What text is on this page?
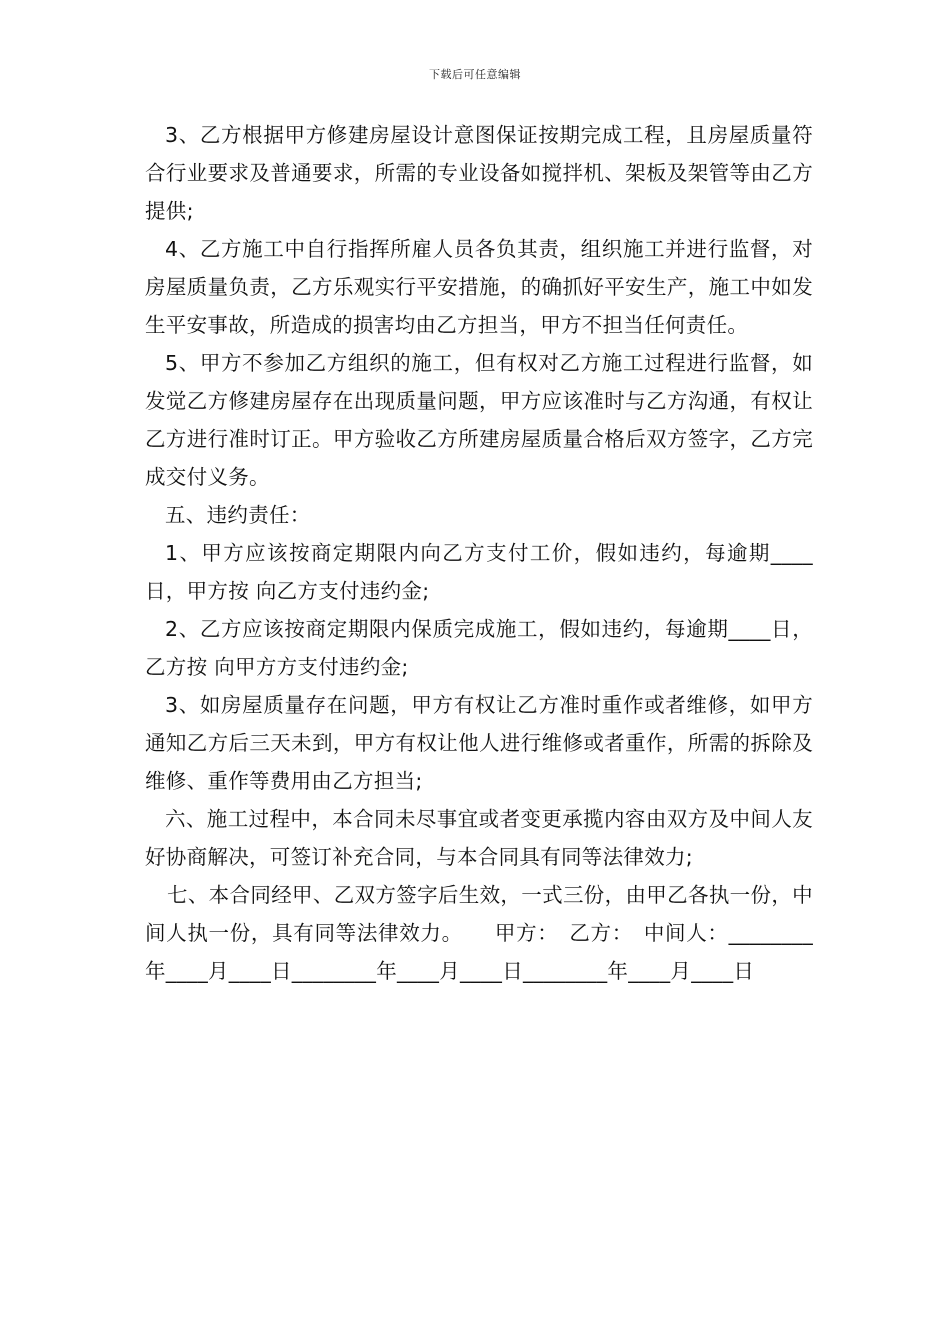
下载后可任意编辑

3、乙方根据甲方修建房屋设计意图保证按期完成工程，且房屋质量符合行业要求及普通要求，所需的专业设备如搅拌机、架板及架管等由乙方提供;

4、乙方施工中自行指挥所雇人员各负其责，组织施工并进行监督，对房屋质量负责，乙方乐观实行平安措施，的确抓好平安生产，施工中如发生平安事故，所造成的损害均由乙方担当，甲方不担当任何责任。

5、甲方不参加乙方组织的施工，但有权对乙方施工过程进行监督，如发觉乙方修建房屋存在出现质量问题，甲方应该准时与乙方沟通，有权让乙方进行准时订正。甲方验收乙方所建房屋质量合格后双方签字，乙方完成交付义务。

五、违约责任：

1、甲方应该按商定期限内向乙方支付工价，假如违约，每逾期____日，甲方按 向乙方支付违约金;

2、乙方应该按商定期限内保质完成施工，假如违约，每逾期____日，乙方按 向甲方方支付违约金;

3、如房屋质量存在问题，甲方有权让乙方准时重作或者维修，如甲方通知乙方后三天未到，甲方有权让他人进行维修或者重作，所需的拆除及维修、重作等费用由乙方担当;

六、施工过程中，本合同未尽事宜或者变更承揽内容由双方及中间人友好协商解决，可签订补充合同，与本合同具有同等法律效力;

七、本合同经甲、乙双方签字后生效，一式三份，由甲乙各执一份，中间人执一份，具有同等法律效力。　　甲方：　乙方：　中间人：________年____月____日________年____月____日________年____月____日
